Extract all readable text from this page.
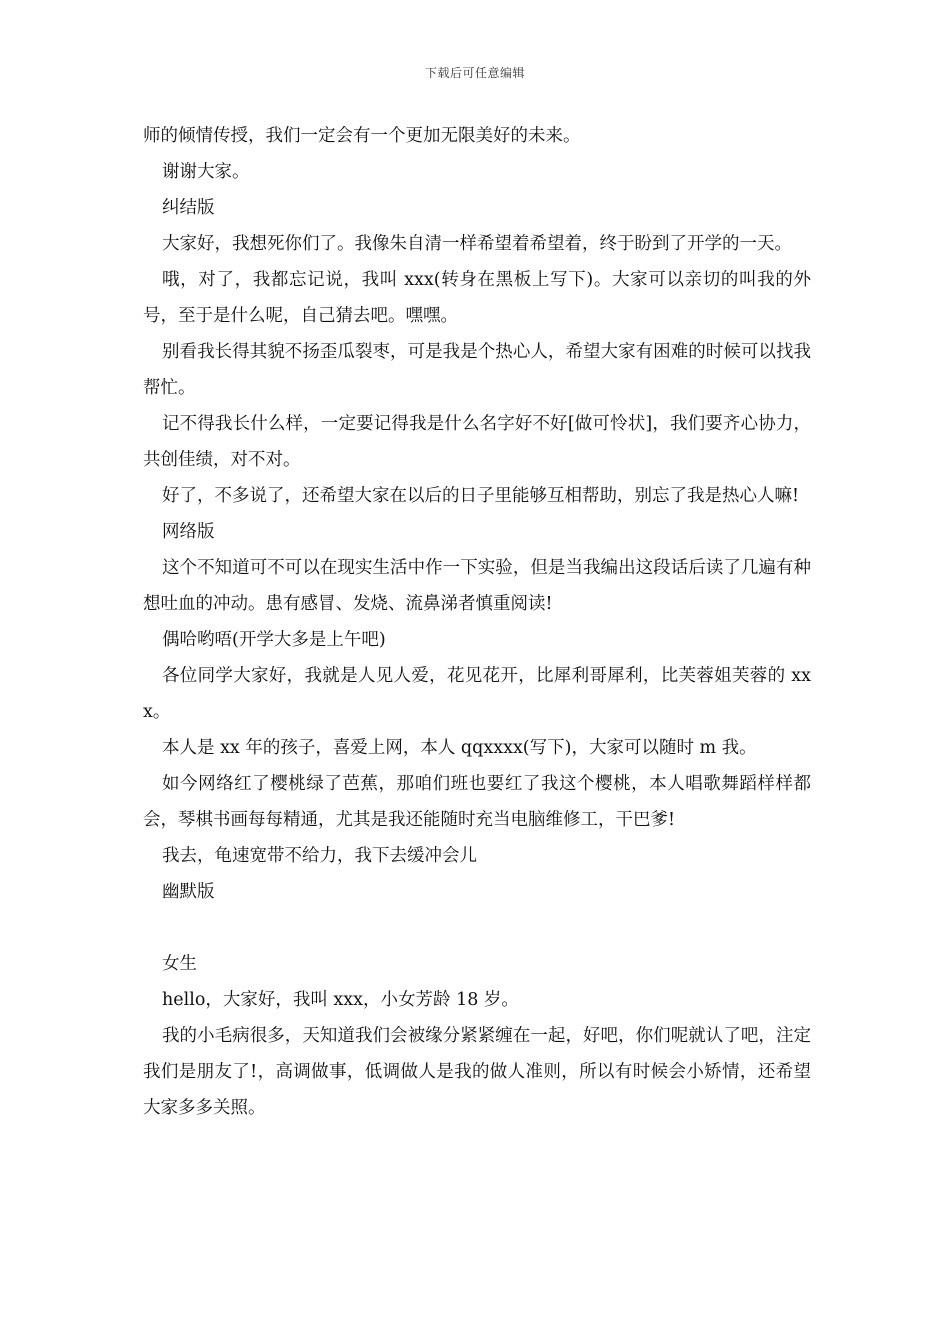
下载后可任意编辑

师的倾情传授，我们一定会有一个更加无限美好的未来。

谢谢大家。

纠结版

大家好，我想死你们了。我像朱自清一样希望着希望着，终于盼到了开学的一天。

哦，对了，我都忘记说，我叫 xxx(转身在黑板上写下)。大家可以亲切的叫我的外号，至于是什么呢，自己猜去吧。嘿嘿。

别看我长得其貌不扬歪瓜裂枣，可是我是个热心人，希望大家有困难的时候可以找我帮忙。

记不得我长什么样，一定要记得我是什么名字好不好[做可怜状]，我们要齐心协力，共创佳绩，对不对。

好了，不多说了，还希望大家在以后的日子里能够互相帮助，别忘了我是热心人嘛!

网络版

这个不知道可不可以在现实生活中作一下实验，但是当我编出这段话后读了几遍有种想吐血的冲动。患有感冒、发烧、流鼻涕者慎重阅读!

偶哈哟唔(开学大多是上午吧)

各位同学大家好，我就是人见人爱，花见花开，比犀利哥犀利，比芙蓉姐芙蓉的 xxx。

本人是 xx 年的孩子，喜爱上网，本人 qqxxxx(写下)，大家可以随时 m 我。

如今网络红了樱桃绿了芭蕉，那咱们班也要红了我这个樱桃，本人唱歌舞蹈样样都会，琴棋书画每每精通，尤其是我还能随时充当电脑维修工，干巴爹!

我去，龟速宽带不给力，我下去缓冲会儿

幽默版

女生

hello，大家好，我叫 xxx，小女芳龄 18 岁。

我的小毛病很多，天知道我们会被缘分紧紧缠在一起，好吧，你们呢就认了吧，注定我们是朋友了!，高调做事，低调做人是我的做人准则，所以有时候会小矫情，还希望大家多多关照。
